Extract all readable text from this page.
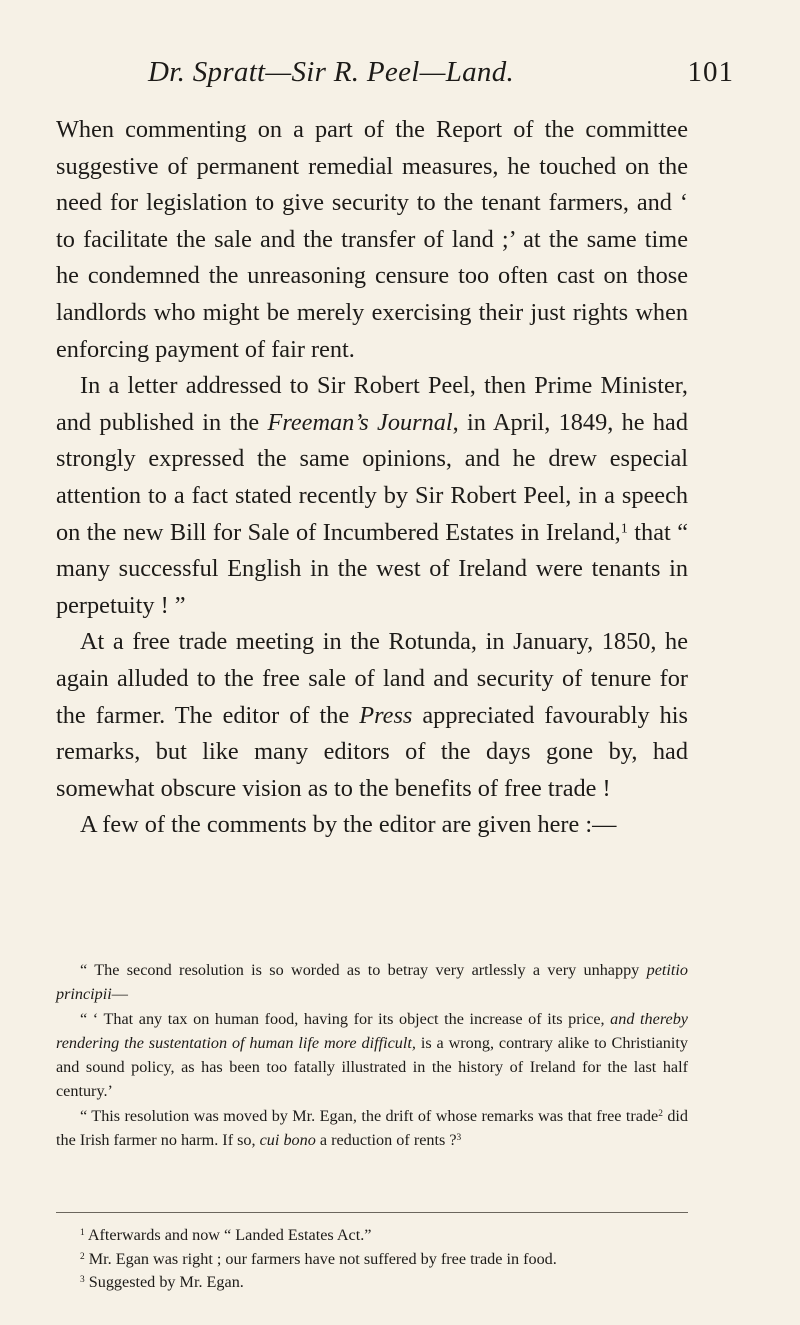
Dr. Spratt—Sir R. Peel—Land.	101

When commenting on a part of the Report of the committee suggestive of permanent remedial measures, he touched on the need for legislation to give security to the tenant farmers, and ‘ to facilitate the sale and the transfer of land ;’ at the same time he condemned the unreasoning censure too often cast on those landlords who might be merely exercising their just rights when enforcing payment of fair rent.

In a letter addressed to Sir Robert Peel, then Prime Minister, and published in the Freeman’s Journal, in April, 1849, he had strongly expressed the same opinions, and he drew especial attention to a fact stated recently by Sir Robert Peel, in a speech on the new Bill for Sale of Incumbered Estates in Ireland,$^1$ that “ many successful English in the west of Ireland were tenants in perpetuity ! ”

At a free trade meeting in the Rotunda, in January, 1850, he again alluded to the free sale of land and security of tenure for the farmer. The editor of the Press appreciated favourably his remarks, but like many editors of the days gone by, had somewhat obscure vision as to the benefits of free trade !

A few of the comments by the editor are given here :—

“ The second resolution is so worded as to betray very artlessly a very unhappy petitio principii—

“ ‘ That any tax on human food, having for its object the increase of its price, and thereby rendering the sustentation of human life more difficult, is a wrong, contrary alike to Christianity and sound policy, as has been too fatally illustrated in the history of Ireland for the last half century.’

“ This resolution was moved by Mr. Egan, the drift of whose remarks was that free trade$^2$ did the Irish farmer no harm. If so, cui bono a reduction of rents ?$^3$

$^1$ Afterwards and now “ Landed Estates Act.”

$^2$ Mr. Egan was right ; our farmers have not suffered by free trade in food.

$^3$ Suggested by Mr. Egan.
